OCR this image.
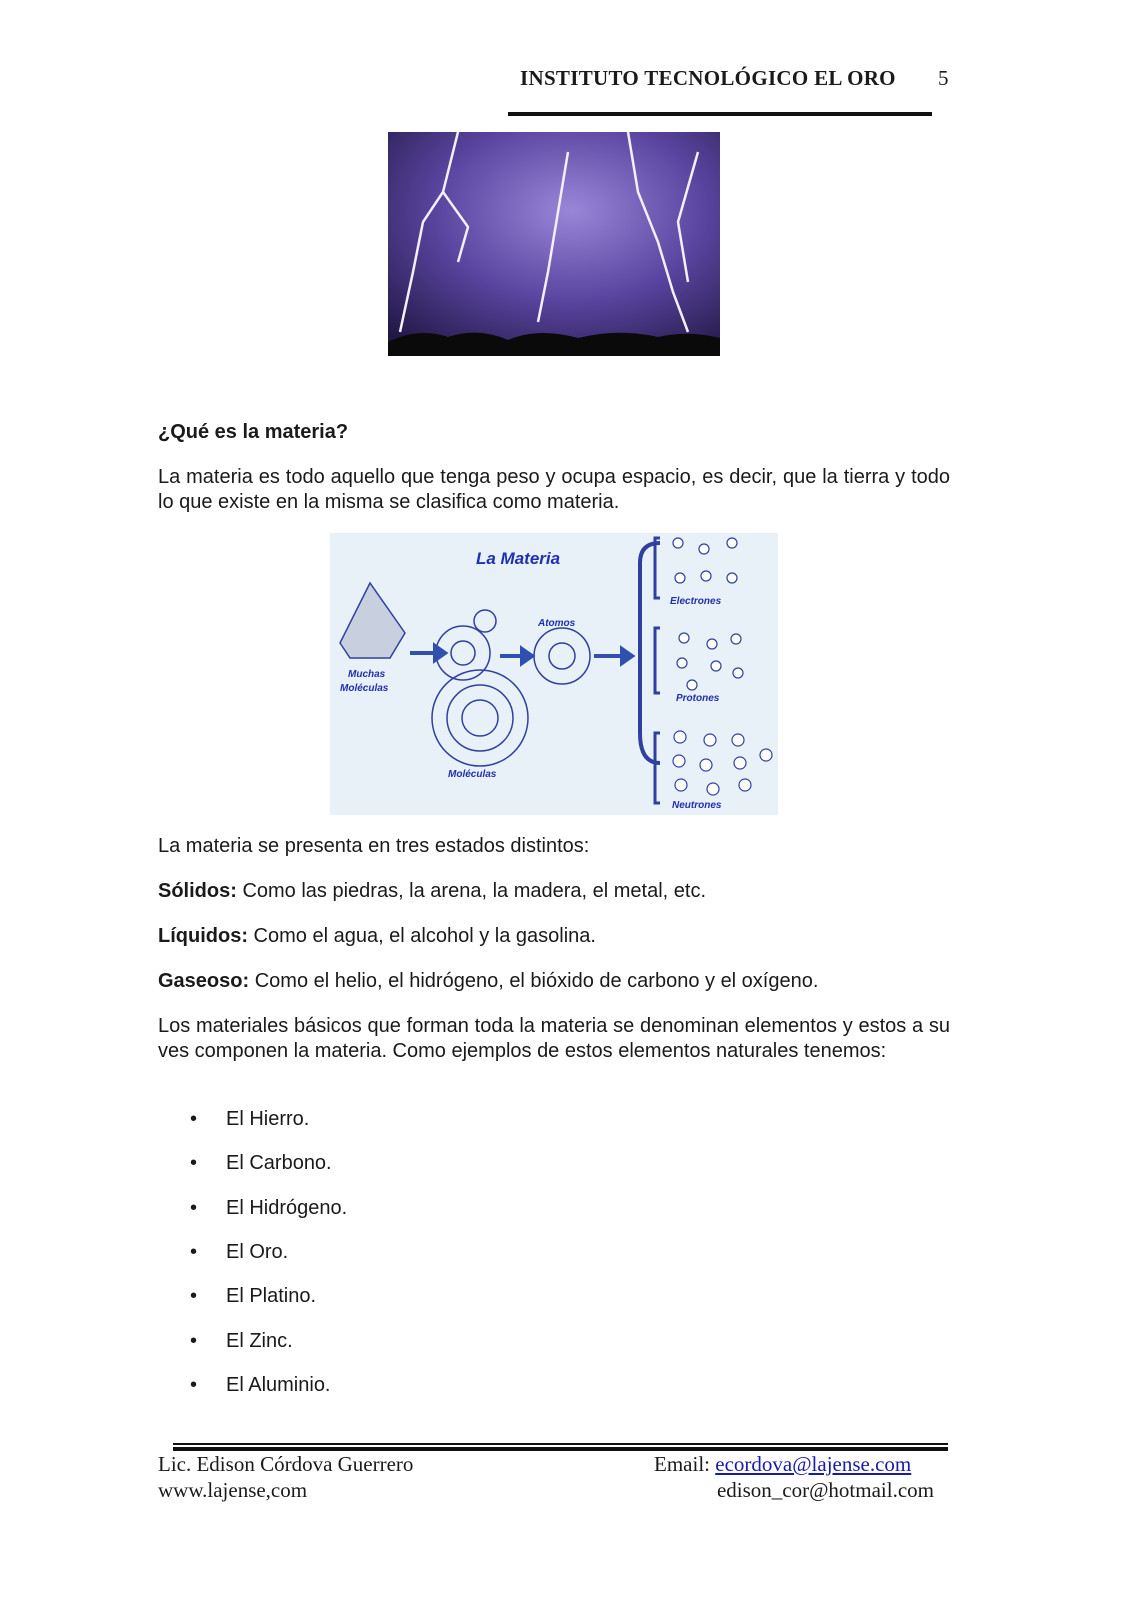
INSTITUTO TECNOLÓGICO EL ORO 5
¿Qué es la materia?
La materia es todo aquello que tenga peso y ocupa espacio, es decir, que la tierra y todo lo que existe en la misma se clasifica como materia.
La Materia
Muchas
Moléculas
Moléculas
Atomos
Electrones
Protones
Neutrones
La materia se presenta en tres estados distintos:
Sólidos: Como las piedras, la arena, la madera, el metal, etc.
Líquidos: Como el agua, el alcohol y la gasolina.
Gaseoso: Como el helio, el hidrógeno, el bióxido de carbono y el oxígeno.
Los materiales básicos que forman toda la materia se denominan elementos y estos a su ves componen la materia. Como ejemplos de estos elementos naturales tenemos:
• El Hierro.
• El Carbono.
• El Hidrógeno.
• El Oro.
• El Platino.
• El Zinc.
• El Aluminio.
Lic. Edison Córdova Guerrero
www.lajense,com
Email: ecordova@lajense.com
edison_cor@hotmail.com
